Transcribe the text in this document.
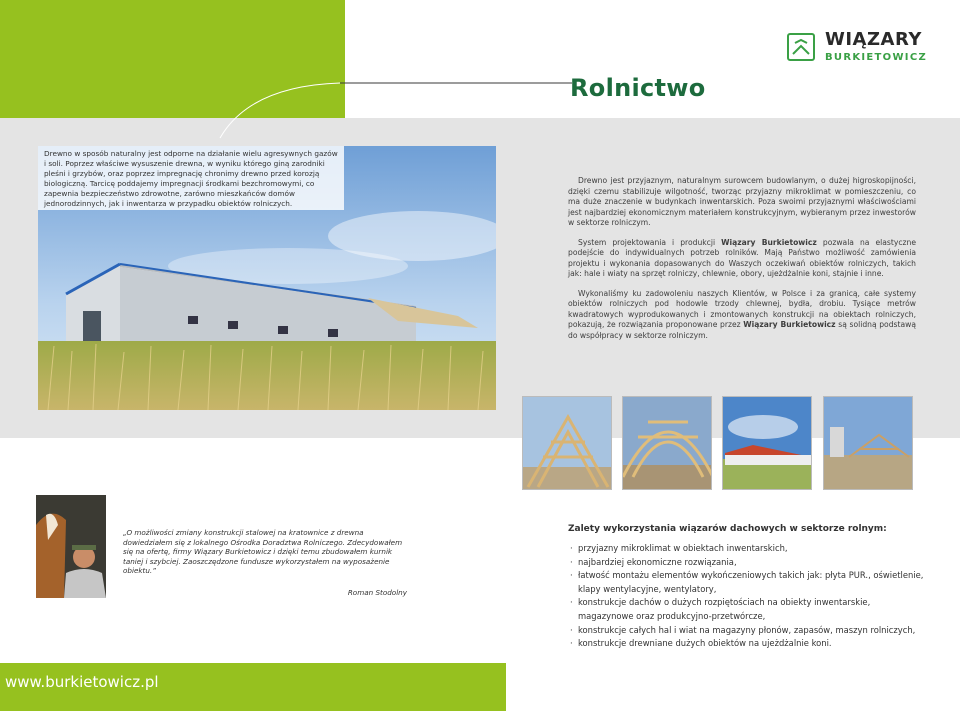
Rolnictwo
WIĄZARY
BURKIETOWICZ
Drewno w sposób naturalny jest odporne na działanie wielu agresywnych gazów i soli. Poprzez właściwe wysuszenie drewna, w wyniku którego giną zarodniki pleśni i grzybów, oraz poprzez impregnację chronimy drewno przed korozją biologiczną. Tarcicę poddajemy impregnacji środkami bezchromowymi, co zapewnia bezpieczeństwo zdrowotne, zarówno mieszkańców domów jednorodzinnych, jak i inwentarza w przypadku obiektów rolniczych.

Drewno jest przyjaznym, naturalnym surowcem budowlanym, o dużej higroskopijności, dzięki czemu stabilizuje wilgotność, tworząc przyjazny mikroklimat w pomieszczeniu, co ma duże znaczenie w budynkach inwentarskich. Poza swoimi przyjaznymi właściwościami jest najbardziej ekonomicznym materiałem konstrukcyjnym, wybieranym przez inwestorów w sektorze rolniczym.

System projektowania i produkcji Wiązary Burkietowicz pozwala na elastyczne podejście do indywidualnych potrzeb rolników. Mają Państwo możliwość zamówienia projektu i wykonania dopasowanych do Waszych oczekiwań obiektów rolniczych, takich jak: hale i wiaty na sprzęt rolniczy, chlewnie, obory, ujeżdżalnie koni, stajnie i inne.

Wykonaliśmy ku zadowoleniu naszych Klientów, w Polsce i za granicą, całe systemy obiektów rolniczych pod hodowle trzody chlewnej, bydła, drobiu. Tysiące metrów kwadratowych wyprodukowanych i zmontowanych konstrukcji na obiektach rolniczych, pokazują, że rozwiązania proponowane przez Wiązary Burkietowicz są solidną podstawą do współpracy w sektorze rolniczym.

„O możliwości zmiany konstrukcji stalowej na kratownice z drewna dowiedziałem się z lokalnego Ośrodka Doradztwa Rolniczego. Zdecydowałem się na ofertę, firmy Wiązary Burkietowicz i dzięki temu zbudowałem kurnik taniej i szybciej. Zaoszczędzone fundusze wykorzystałem na wyposażenie obiektu.”
Roman Stodolny
Zalety wykorzystania wiązarów dachowych w sektorze rolnym:
· przyjazny mikroklimat w obiektach inwentarskich,
· najbardziej ekonomiczne rozwiązania,
· łatwość montażu elementów wykończeniowych takich jak: płyta PUR., oświetlenie, klapy wentylacyjne, wentylatory,
· konstrukcje dachów o dużych rozpiętościach na obiekty inwentarskie, magazynowe oraz produkcyjno-przetwórcze,
· konstrukcje całych hal i wiat na magazyny płonów, zapasów, maszyn rolniczych,
· konstrukcje drewniane dużych obiektów na ujeżdżalnie koni.
www.burkietowicz.pl
